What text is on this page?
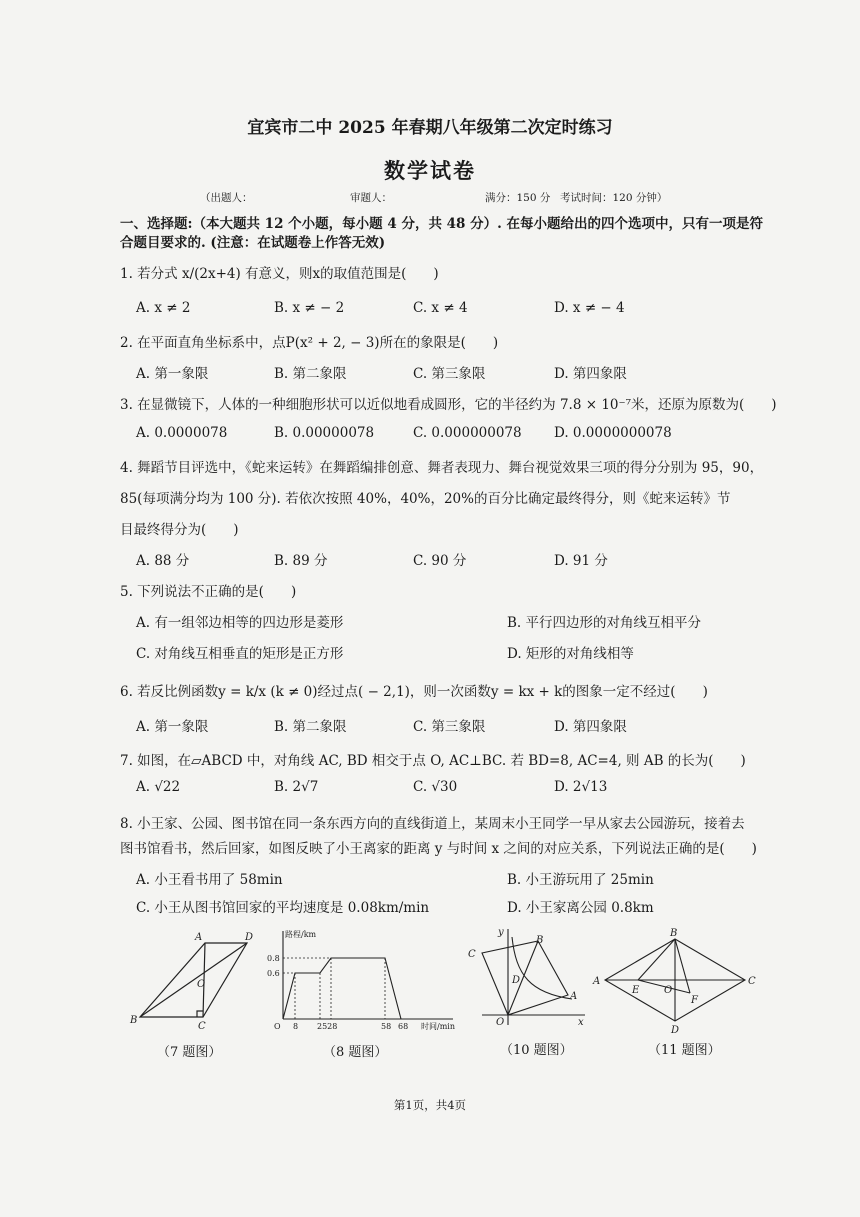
宜宾市二中 2025 年春期八年级第二次定时练习
数学试卷
（出题人：	审题人：	满分：150 分 考试时间：120 分钟）
一、选择题:（本大题共 12 个小题，每小题 4 分，共 48 分）. 在每小题给出的四个选项中，只有一项是符
合题目要求的. (注意：在试题卷上作答无效)
1. 若分式 x/(2x+4) 有意义，则x的取值范围是(　　)
A. x ≠ 2	B. x ≠ − 2	C. x ≠ 4	D. x ≠ − 4
2. 在平面直角坐标系中，点P(x² + 2, − 3)所在的象限是(　　)
A. 第一象限	B. 第二象限	C. 第三象限	D. 第四象限
3. 在显微镜下，人体的一种细胞形状可以近似地看成圆形，它的半径约为 7.8 × 10⁻⁷米，还原为原数为(　　)
A. 0.0000078	B. 0.00000078	C. 0.000000078 D. 0.0000000078
4. 舞蹈节目评选中，《蛇来运转》在舞蹈编排创意、舞者表现力、舞台视觉效果三项的得分分别为 95，90，
85(每项满分均为 100 分). 若依次按照 40%，40%，20%的百分比确定最终得分，则《蛇来运转》节
目最终得分为(　　)
A. 88 分	B. 89 分	C. 90 分	D. 91 分
5. 下列说法不正确的是(　　)
A. 有一组邻边相等的四边形是菱形	B. 平行四边形的对角线互相平分
C. 对角线互相垂直的矩形是正方形	D. 矩形的对角线相等
6. 若反比例函数y = k/x (k ≠ 0)经过点( − 2,1)，则一次函数y = kx + k的图象一定不经过(　　)
A. 第一象限	B. 第二象限	C. 第三象限	D. 第四象限
7. 如图，在▱ABCD 中，对角线 AC, BD 相交于点 O, AC⊥BC. 若 BD=8, AC=4, 则 AB 的长为(　　)
A. √22	B. 2√7	C. √30	D. 2√13
8. 小王家、公园、图书馆在同一条东西方向的直线街道上，某周末小王同学一早从家去公园游玩，接着去
图书馆看书，然后回家，如图反映了小王离家的距离 y 与时间 x 之间的对应关系，下列说法正确的是(　　)
A. 小王看书用了 58min	B. 小王游玩用了 25min
C. 小王从图书馆回家的平均速度是 0.08km/min	D. 小王家离公园 0.8km
A	D
O
B
C
（7 题图）
路程/km
时间/min
0.8
0.6
O 8 2528	58 68
（8 题图）
y
C
B
D
A
O	x
（10 题图）
B
A
E O
F
C
D
（11 题图）
第1页，共4页
